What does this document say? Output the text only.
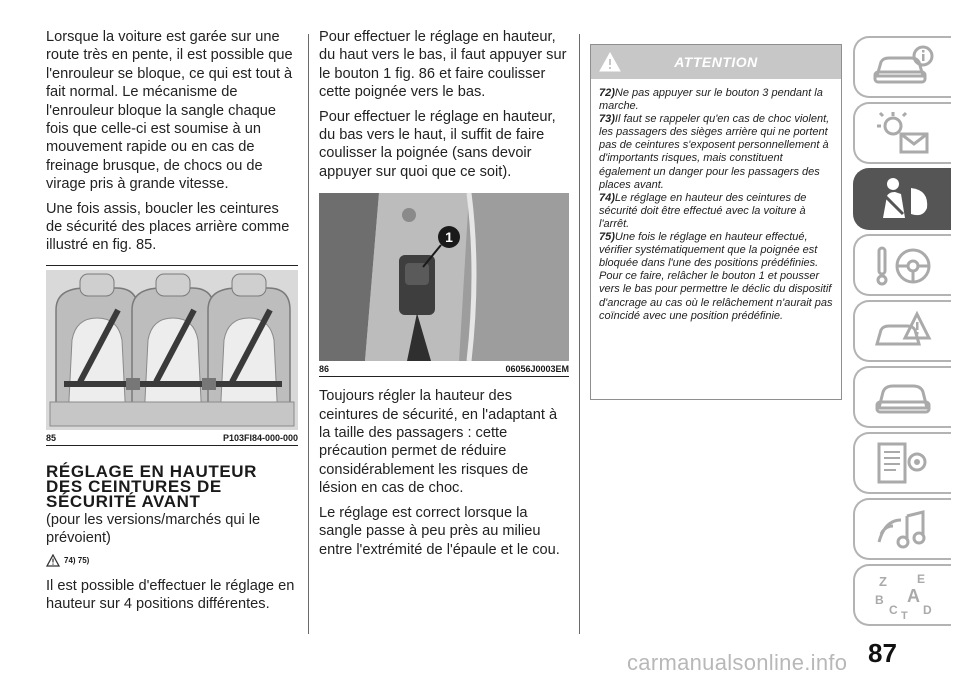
Lorsque la voiture est garée sur une route très en pente, il est possible que l'enrouleur se bloque, ce qui est tout à fait normal. Le mécanisme de l'enrouleur bloque la sangle chaque fois que celle-ci est soumise à un mouvement rapide ou en cas de freinage brusque, de chocs ou de virage pris à grande vitesse.

Une fois assis, boucler les ceintures de sécurité des places arrière comme illustré en fig. 85.

85	P103FI84-000-000
RÉGLAGE EN HAUTEUR DES CEINTURES DE SÉCURITÉ AVANT

(pour les versions/marchés qui le prévoient)

74) 75)

Il est possible d'effectuer le réglage en hauteur sur 4 positions différentes.

Pour effectuer le réglage en hauteur, du haut vers le bas, il faut appuyer sur le bouton 1 fig. 86 et faire coulisser cette poignée vers le bas.

Pour effectuer le réglage en hauteur, du bas vers le haut, il suffit de faire coulisser la poignée (sans devoir appuyer sur quoi que ce soit).

1
86	06056J0003EM

Toujours régler la hauteur des ceintures de sécurité, en l'adaptant à la taille des passagers : cette précaution permet de réduire considérablement les risques de lésion en cas de choc.

Le réglage est correct lorsque la sangle passe à peu près au milieu entre l'extrémité de l'épaule et le cou.

ATTENTION

72)Ne pas appuyer sur le bouton 3 pendant la marche.

73)Il faut se rappeler qu'en cas de choc violent, les passagers des sièges arrière qui ne portent pas de ceintures s'exposent personnellement à d'importants risques, mais constituent également un danger pour les passagers des places avant.

74)Le réglage en hauteur des ceintures de sécurité doit être effectué avec la voiture à l'arrêt.

75)Une fois le réglage en hauteur effectué, vérifier systématiquement que la poignée est bloquée dans l'une des positions prédéfinies. Pour ce faire, relâcher le bouton 1 et pousser vers le bas pour permettre le déclic du dispositif d'ancrage au cas où le relâchement n'aurait pas coïncidé avec une position prédéfinie.

Z	E
B A
C D
T
87
carmanualsonline.info
